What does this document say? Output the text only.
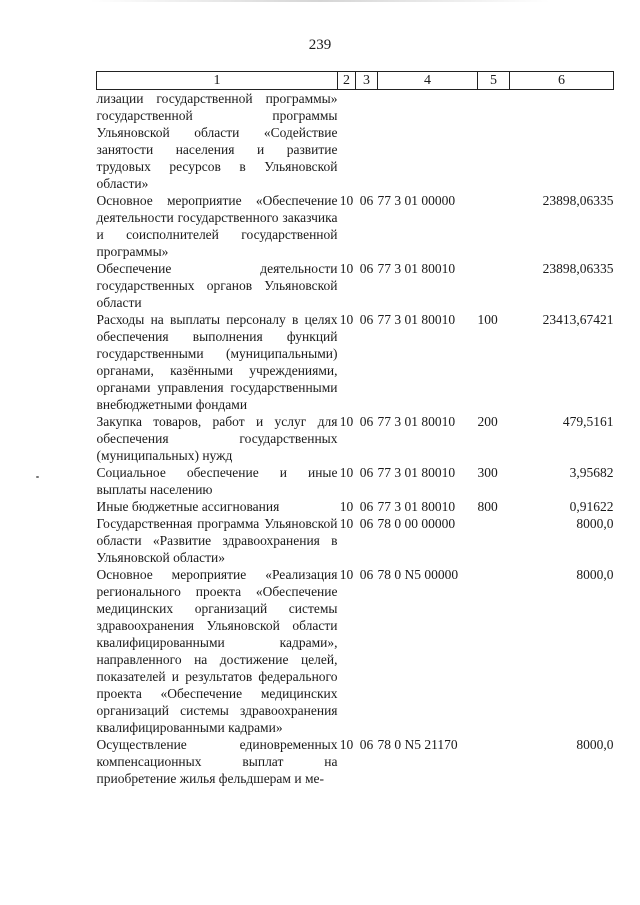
239
1	2	3	4	5	6
лизации государственной программы» государственной программы Ульяновской области «Содействие занятости населения и развитие трудовых ресурсов в Ульяновской области»					
Основное мероприятие «Обеспечение деятельности государственного заказчика и соисполнителей государственной программы»	10	06	77 3 01 00000		23898,06335
Обеспечение деятельности государственных органов Ульяновской области	10	06	77 3 01 80010		23898,06335
Расходы на выплаты персоналу в целях обеспечения выполнения функций государственными (муниципальными) органами, казёнными учреждениями, органами управления государственными внебюджетными фондами	10	06	77 3 01 80010	100	23413,67421
Закупка товаров, работ и услуг для обеспечения государственных (муниципальных) нужд	10	06	77 3 01 80010	200	479,5161
Социальное обеспечение и иные выплаты населению	10	06	77 3 01 80010	300	3,95682
Иные бюджетные ассигнования	10	06	77 3 01 80010	800	0,91622
Государственная программа Ульяновской области «Развитие здравоохранения в Ульяновской области»	10	06	78 0 00 00000		8000,0
Основное мероприятие «Реализация регионального проекта «Обеспечение медицинских организаций системы здравоохранения Ульяновской области квалифицированными кадрами», направленного на достижение целей, показателей и результатов федерального проекта «Обеспечение медицинских организаций системы здравоохранения квалифицированными кадрами»	10	06	78 0 N5 00000		8000,0
Осуществление единовременных компенсационных выплат на приобретение жилья фельдшерам и ме-	10	06	78 0 N5 21170		8000,0
